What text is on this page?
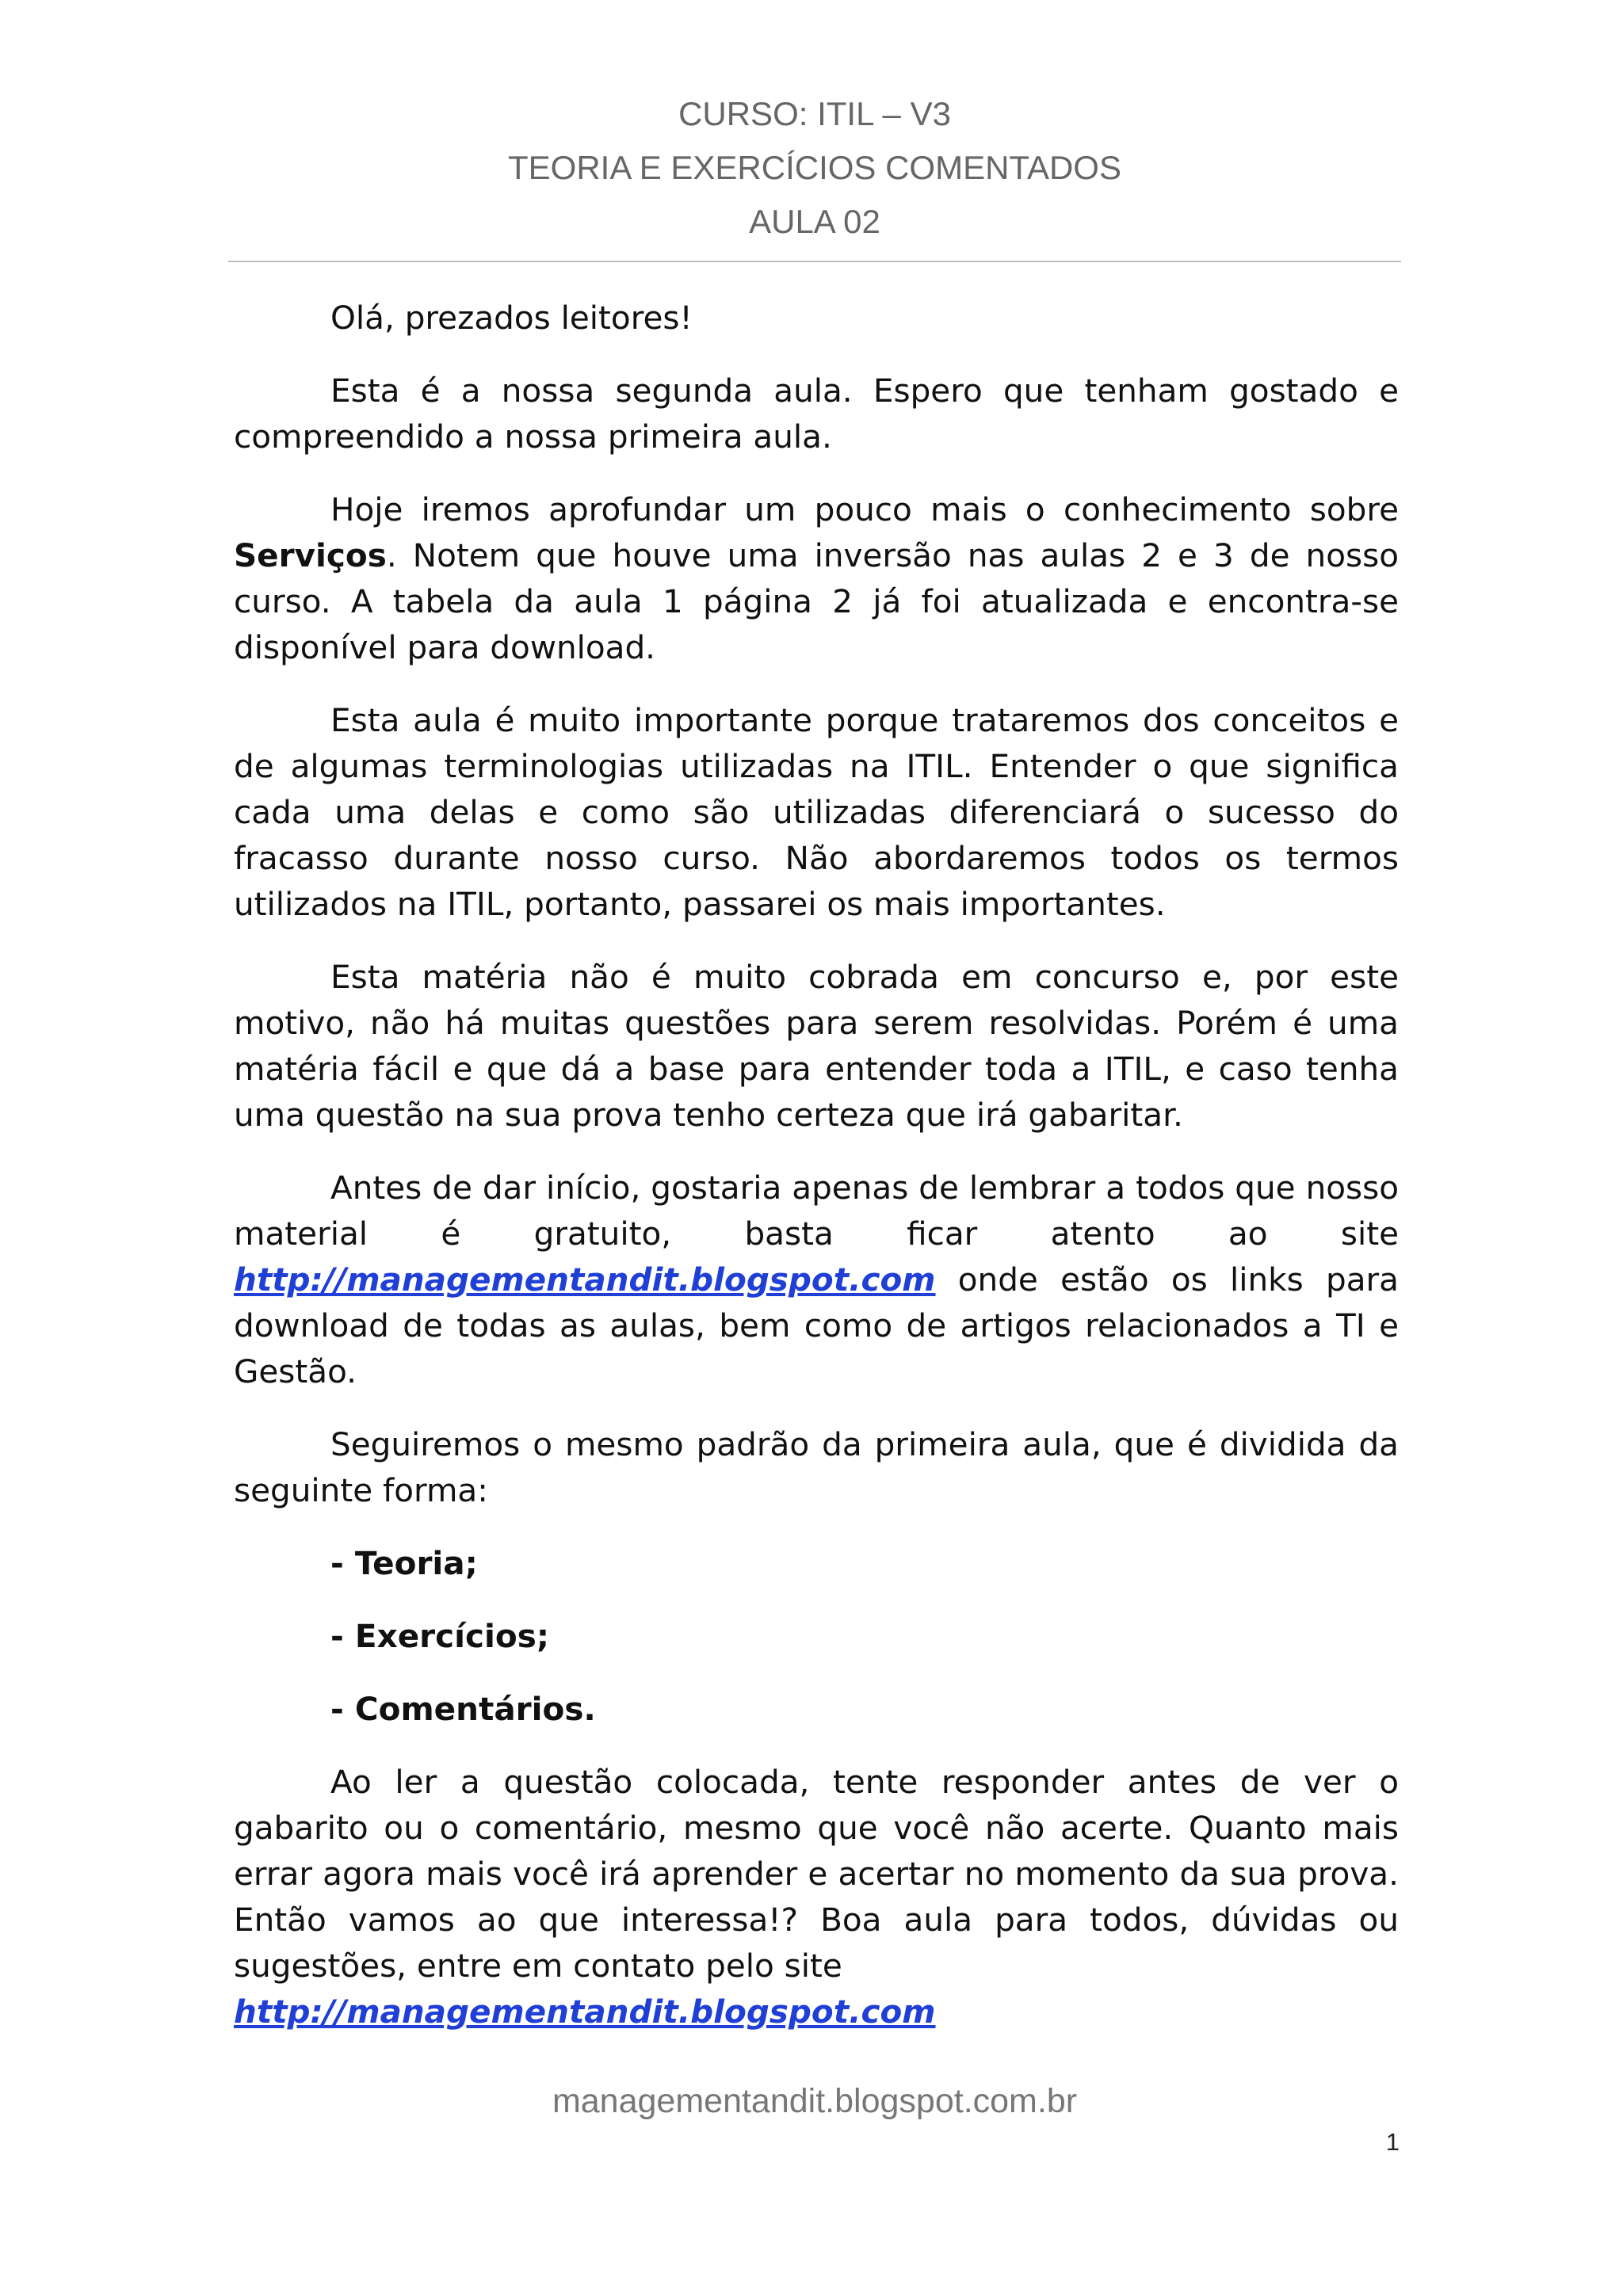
CURSO: ITIL – V3
TEORIA E EXERCÍCIOS COMENTADOS
AULA 02

Olá, prezados leitores!

Esta é a nossa segunda aula. Espero que tenham gostado e compreendido a nossa primeira aula.

Hoje iremos aprofundar um pouco mais o conhecimento sobre Serviços. Notem que houve uma inversão nas aulas 2 e 3 de nosso curso. A tabela da aula 1 página 2 já foi atualizada e encontra-se disponível para download.

Esta aula é muito importante porque trataremos dos conceitos e de algumas terminologias utilizadas na ITIL. Entender o que significa cada uma delas e como são utilizadas diferenciará o sucesso do fracasso durante nosso curso. Não abordaremos todos os termos utilizados na ITIL, portanto, passarei os mais importantes.

Esta matéria não é muito cobrada em concurso e, por este motivo, não há muitas questões para serem resolvidas. Porém é uma matéria fácil e que dá a base para entender toda a ITIL, e caso tenha uma questão na sua prova tenho certeza que irá gabaritar.

Antes de dar início, gostaria apenas de lembrar a todos que nosso material é gratuito, basta ficar atento ao site http://managementandit.blogspot.com onde estão os links para download de todas as aulas, bem como de artigos relacionados a TI e Gestão.

Seguiremos o mesmo padrão da primeira aula, que é dividida da seguinte forma:

- Teoria;
- Exercícios;
- Comentários.

Ao ler a questão colocada, tente responder antes de ver o gabarito ou o comentário, mesmo que você não acerte. Quanto mais errar agora mais você irá aprender e acertar no momento da sua prova. Então vamos ao que interessa!? Boa aula para todos, dúvidas ou sugestões, entre em contato pelo site
http://managementandit.blogspot.com

managementandit.blogspot.com.br
1
